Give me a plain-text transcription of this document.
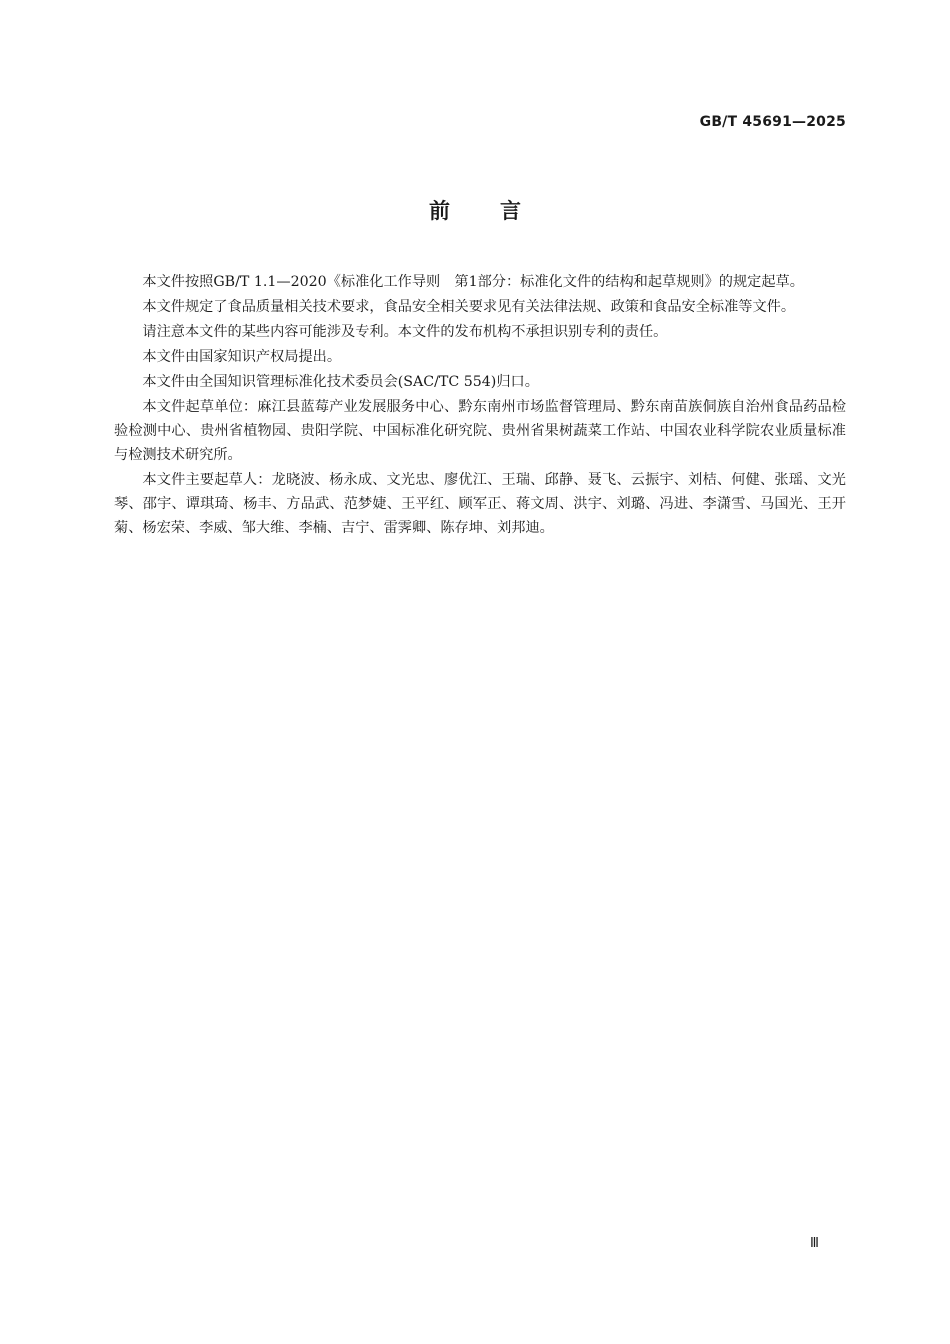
GB/T 45691—2025
前言

本文件按照GB/T 1.1—2020《标准化工作导则　第1部分：标准化文件的结构和起草规则》的规定起草。

本文件规定了食品质量相关技术要求，食品安全相关要求见有关法律法规、政策和食品安全标准等文件。

请注意本文件的某些内容可能涉及专利。本文件的发布机构不承担识别专利的责任。

本文件由国家知识产权局提出。

本文件由全国知识管理标准化技术委员会(SAC/TC 554)归口。

本文件起草单位：麻江县蓝莓产业发展服务中心、黔东南州市场监督管理局、黔东南苗族侗族自治州食品药品检验检测中心、贵州省植物园、贵阳学院、中国标准化研究院、贵州省果树蔬菜工作站、中国农业科学院农业质量标准与检测技术研究所。

本文件主要起草人：龙晓波、杨永成、文光忠、廖优江、王瑞、邱静、聂飞、云振宇、刘桔、何健、张瑶、文光琴、邵宇、谭琪琦、杨丰、方品武、范梦婕、王平红、顾军正、蒋文周、洪宇、刘璐、冯进、李潇雪、马国光、王开菊、杨宏荣、李威、邹大维、李楠、吉宁、雷霁卿、陈存坤、刘邦迪。

Ⅲ
